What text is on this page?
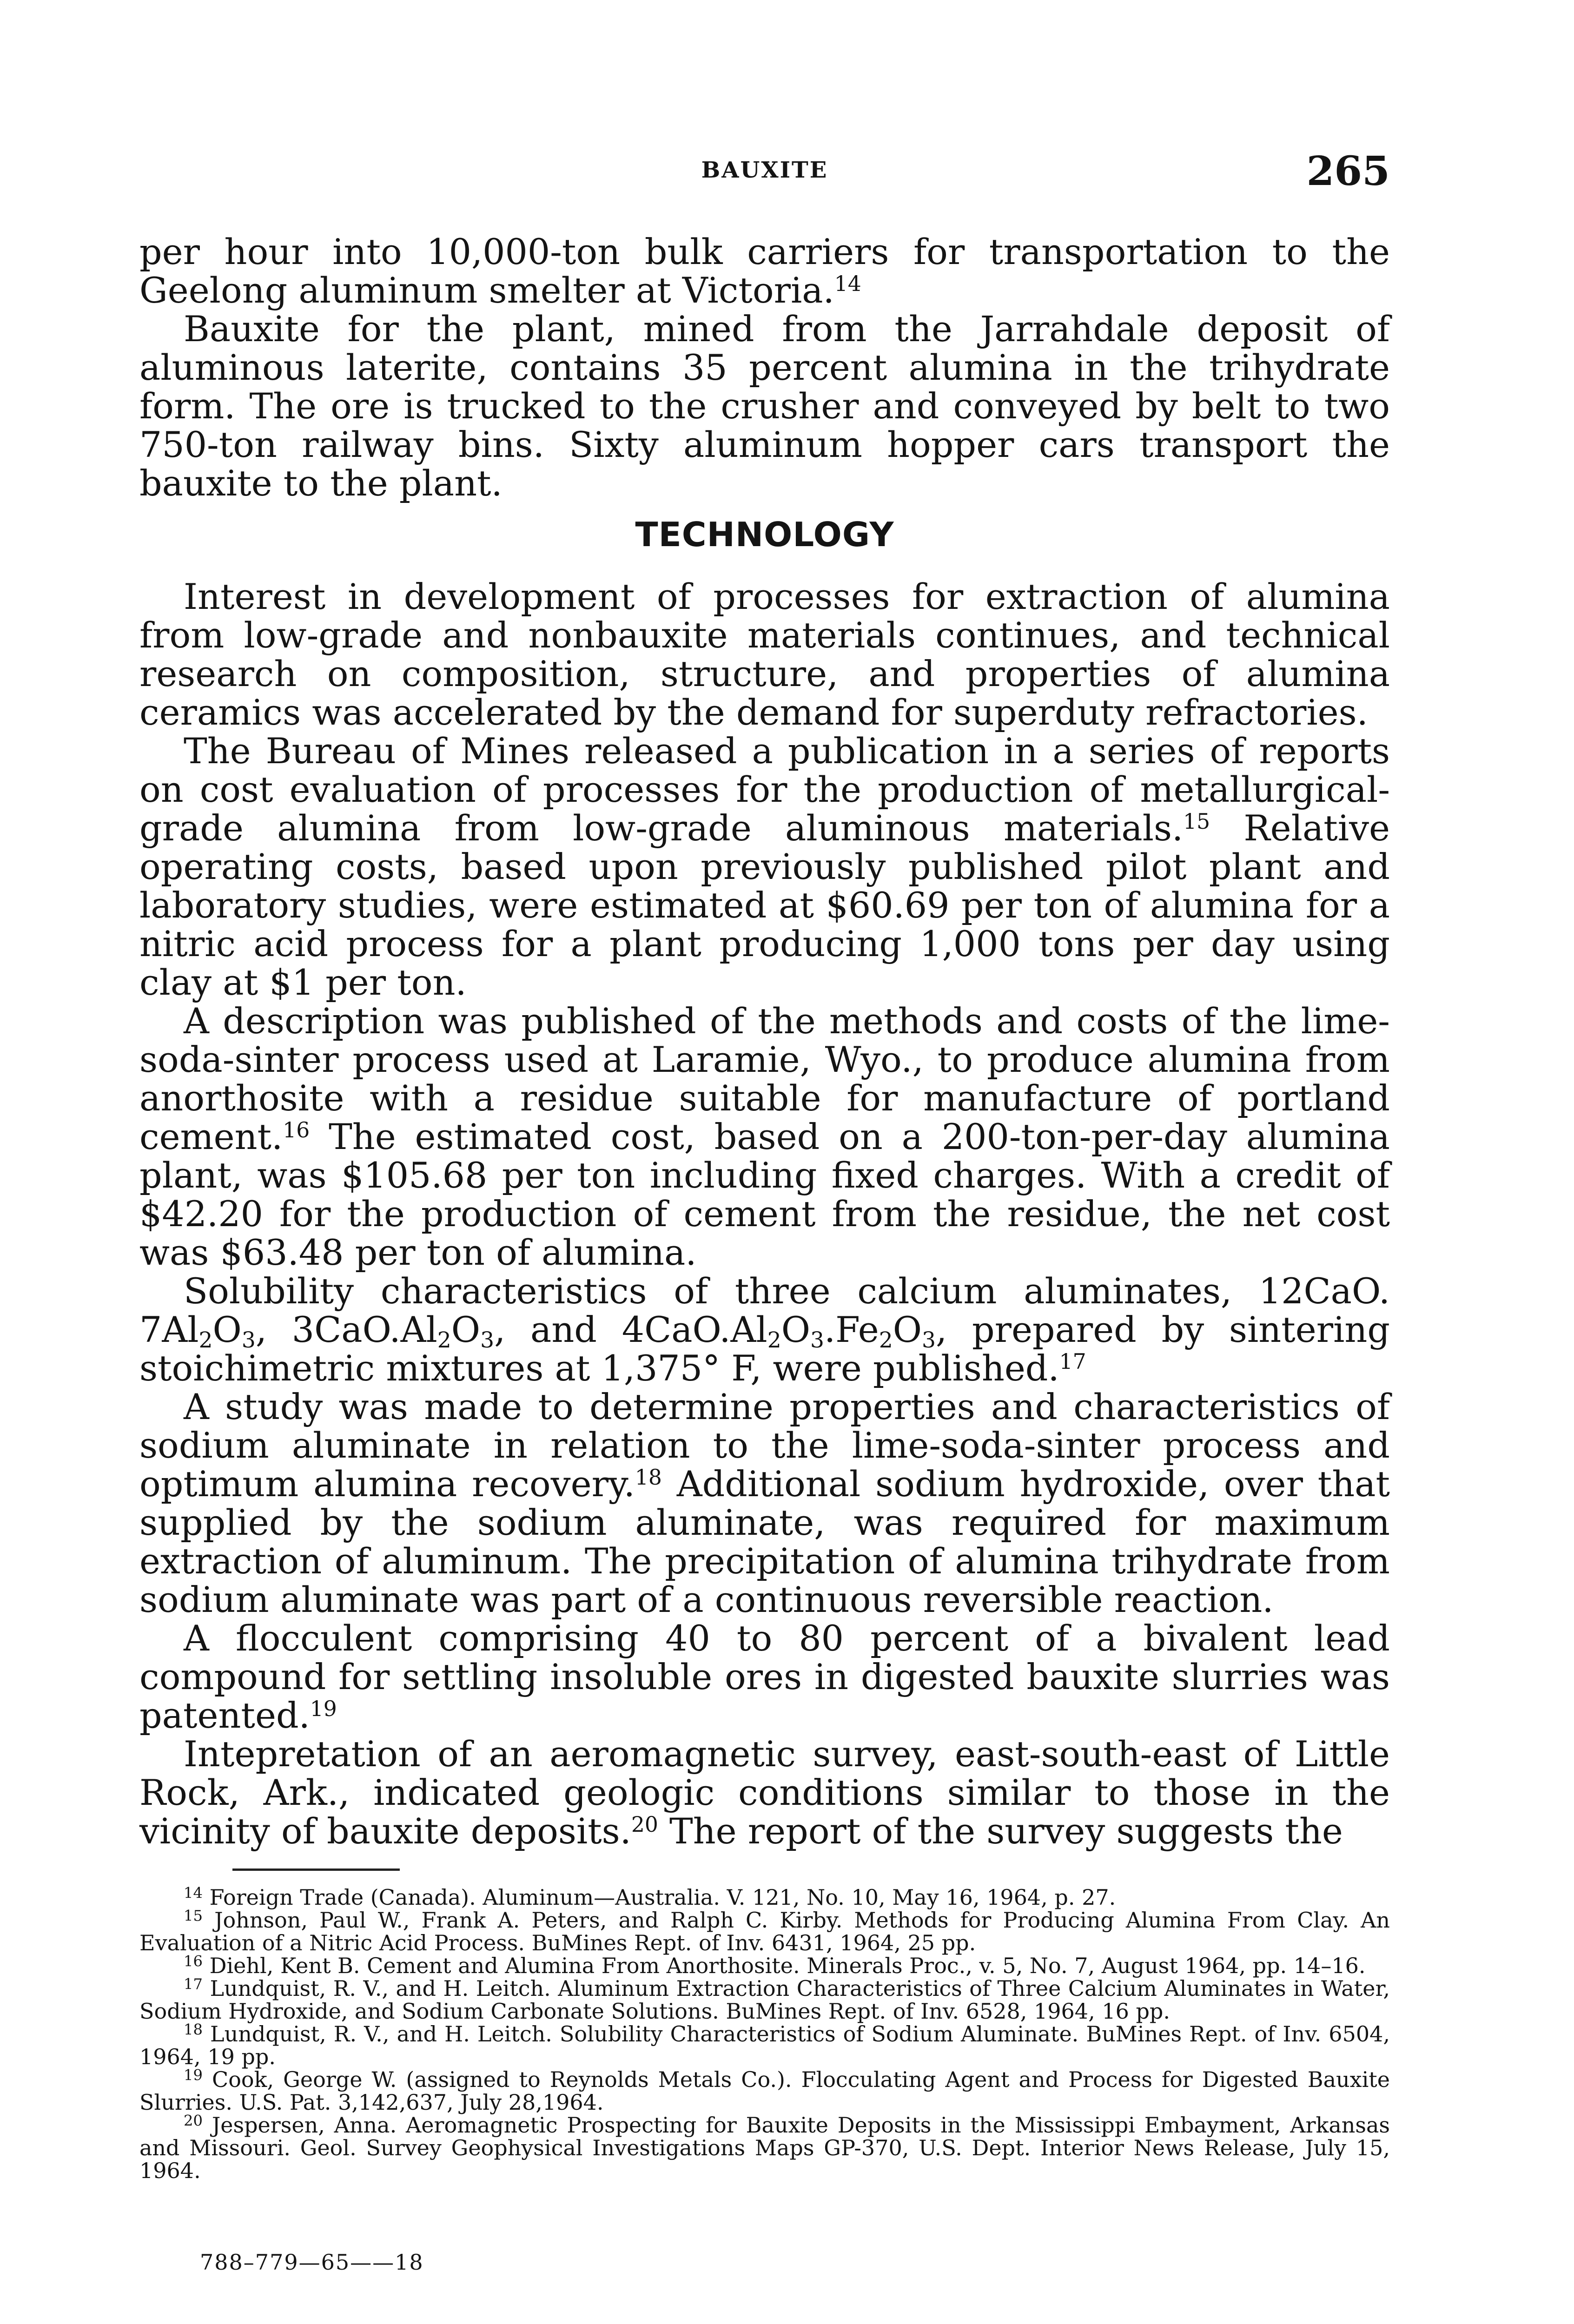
BAUXITE	265

per hour into 10,000-ton bulk carriers for transportation to the Geelong aluminum smelter at Victoria.$^{14}$

Bauxite for the plant, mined from the Jarrahdale deposit of aluminous laterite, contains 35 percent alumina in the trihydrate form. The ore is trucked to the crusher and conveyed by belt to two 750-ton railway bins. Sixty aluminum hopper cars transport the bauxite to the plant.

TECHNOLOGY

Interest in development of processes for extraction of alumina from low-grade and nonbauxite materials continues, and technical research on composition, structure, and properties of alumina ceramics was accelerated by the demand for superduty refractories.

The Bureau of Mines released a publication in a series of reports on cost evaluation of processes for the production of metallurgical-grade alumina from low-grade aluminous materials.$^{15}$ Relative operating costs, based upon previously published pilot plant and laboratory studies, were estimated at $60.69 per ton of alumina for a nitric acid process for a plant producing 1,000 tons per day using clay at $1 per ton.

A description was published of the methods and costs of the lime-soda-sinter process used at Laramie, Wyo., to produce alumina from anorthosite with a residue suitable for manufacture of portland cement.$^{16}$ The estimated cost, based on a 200-ton-per-day alumina plant, was $105.68 per ton including fixed charges. With a credit of $42.20 for the production of cement from the residue, the net cost was $63.48 per ton of alumina.

Solubility characteristics of three calcium aluminates, 12CaO. $7Al_2O_3$, $3CaO.Al_2O_3$, and $4CaO.Al_2O_3.Fe_2O_3$, prepared by sintering stoichimetric mixtures at 1,375° F, were published.$^{17}$

A study was made to determine properties and characteristics of sodium aluminate in relation to the lime-soda-sinter process and optimum alumina recovery.$^{18}$ Additional sodium hydroxide, over that supplied by the sodium aluminate, was required for maximum extraction of aluminum. The precipitation of alumina trihydrate from sodium aluminate was part of a continuous reversible reaction.

A flocculent comprising 40 to 80 percent of a bivalent lead compound for settling insoluble ores in digested bauxite slurries was patented.$^{19}$

Intepretation of an aeromagnetic survey, east-south-east of Little Rock, Ark., indicated geologic conditions similar to those in the vicinity of bauxite deposits.$^{20}$ The report of the survey suggests the

$^{14}$ Foreign Trade (Canada). Aluminum—Australia. V. 121, No. 10, May 16, 1964, p. 27.

$^{15}$ Johnson, Paul W., Frank A. Peters, and Ralph C. Kirby. Methods for Producing Alumina From Clay. An Evaluation of a Nitric Acid Process. BuMines Rept. of Inv. 6431, 1964, 25 pp.

$^{16}$ Diehl, Kent B. Cement and Alumina From Anorthosite. Minerals Proc., v. 5, No. 7, August 1964, pp. 14–16.

$^{17}$ Lundquist, R. V., and H. Leitch. Aluminum Extraction Characteristics of Three Calcium Aluminates in Water, Sodium Hydroxide, and Sodium Carbonate Solutions. BuMines Rept. of Inv. 6528, 1964, 16 pp.

$^{18}$ Lundquist, R. V., and H. Leitch. Solubility Characteristics of Sodium Aluminate. BuMines Rept. of Inv. 6504, 1964, 19 pp.

$^{19}$ Cook, George W. (assigned to Reynolds Metals Co.). Flocculating Agent and Process for Digested Bauxite Slurries. U.S. Pat. 3,142,637, July 28,1964.

$^{20}$ Jespersen, Anna. Aeromagnetic Prospecting for Bauxite Deposits in the Mississippi Embayment, Arkansas and Missouri. Geol. Survey Geophysical Investigations Maps GP-370, U.S. Dept. Interior News Release, July 15, 1964.

788–779—65——18
